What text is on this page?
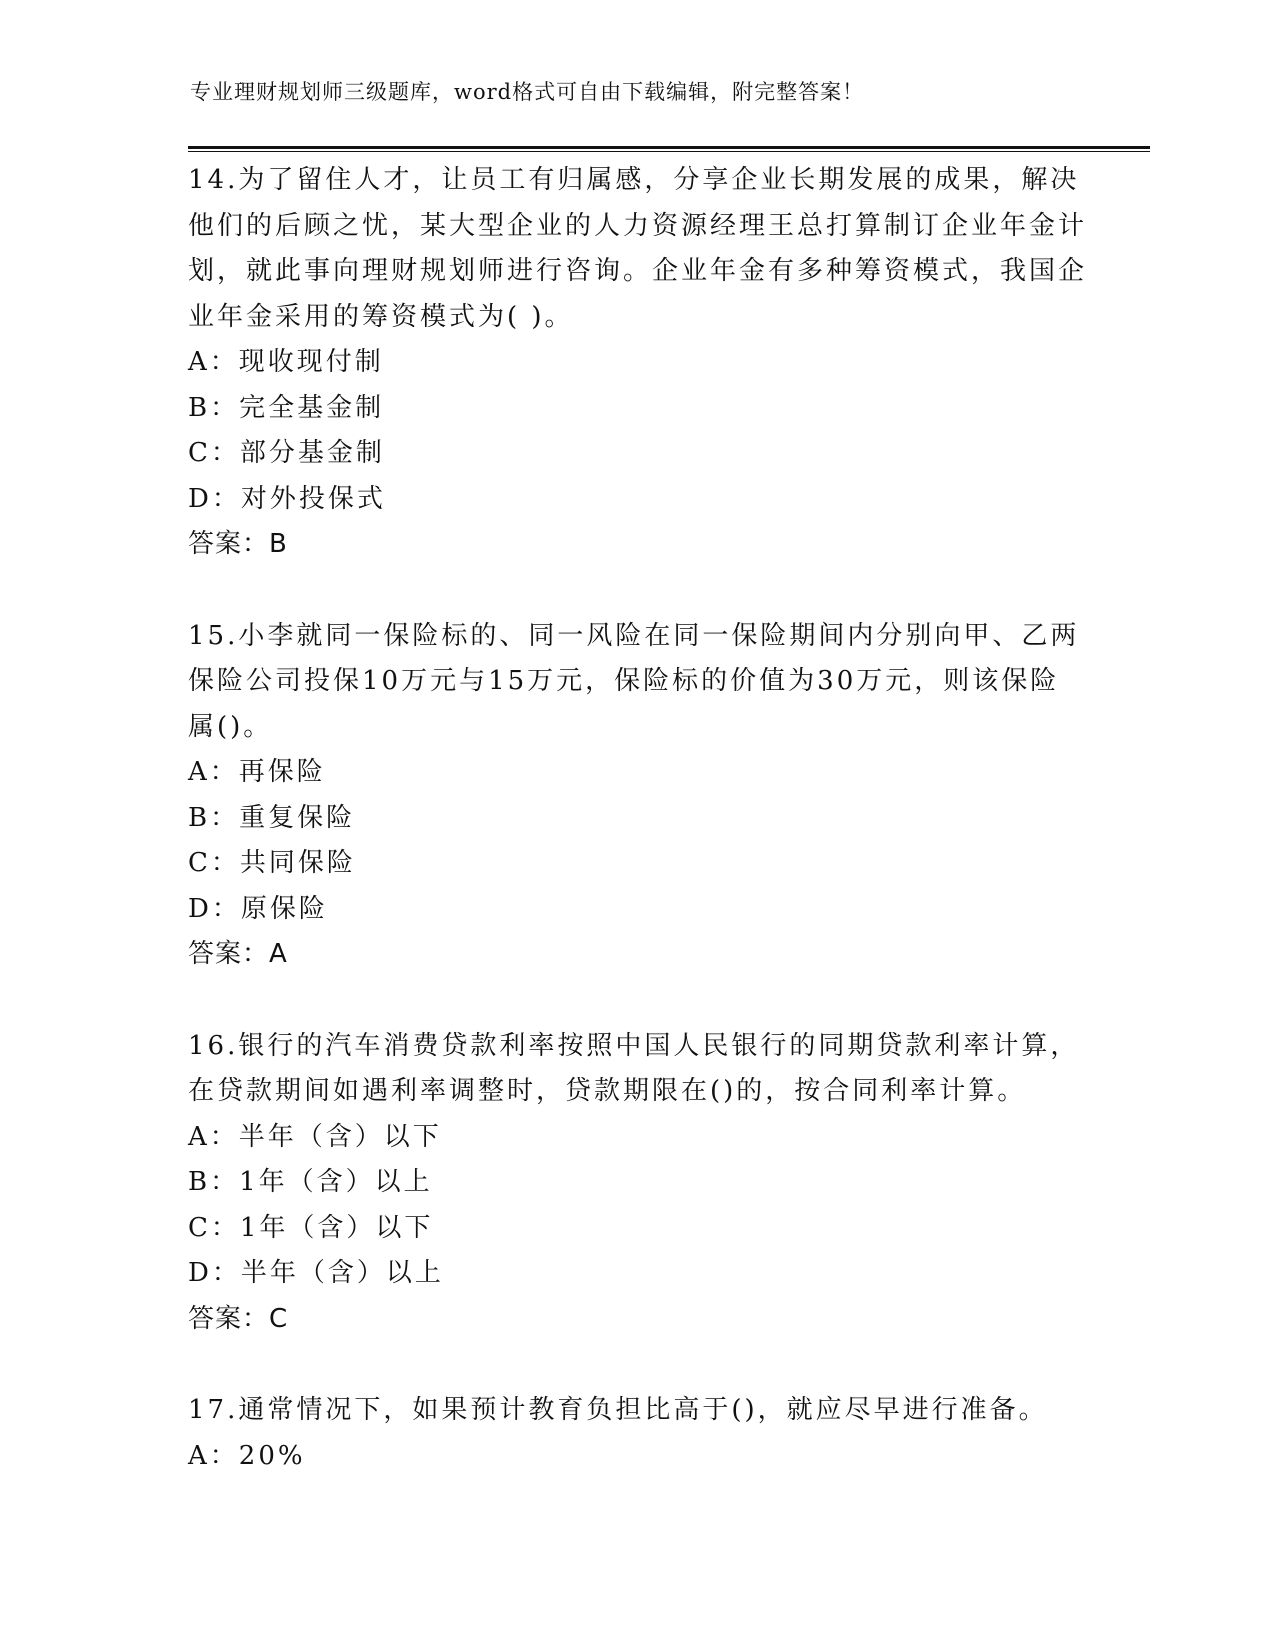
专业理财规划师三级题库，word格式可自由下载编辑，附完整答案！

14.为了留住人才，让员工有归属感，分享企业长期发展的成果，解决他们的后顾之忧，某大型企业的人力资源经理王总打算制订企业年金计划，就此事向理财规划师进行咨询。企业年金有多种筹资模式，我国企业年金采用的筹资模式为( )。

A：现收现付制

B：完全基金制

C：部分基金制

D：对外投保式

答案：B

15.小李就同一保险标的、同一风险在同一保险期间内分别向甲、乙两保险公司投保10万元与15万元，保险标的价值为30万元，则该保险属()。

A：再保险

B：重复保险

C：共同保险

D：原保险

答案：A

16.银行的汽车消费贷款利率按照中国人民银行的同期贷款利率计算，在贷款期间如遇利率调整时，贷款期限在()的，按合同利率计算。

A：半年（含）以下

B：1年（含）以上

C：1年（含）以下

D：半年（含）以上

答案：C

17.通常情况下，如果预计教育负担比高于()，就应尽早进行准备。

A：20%
